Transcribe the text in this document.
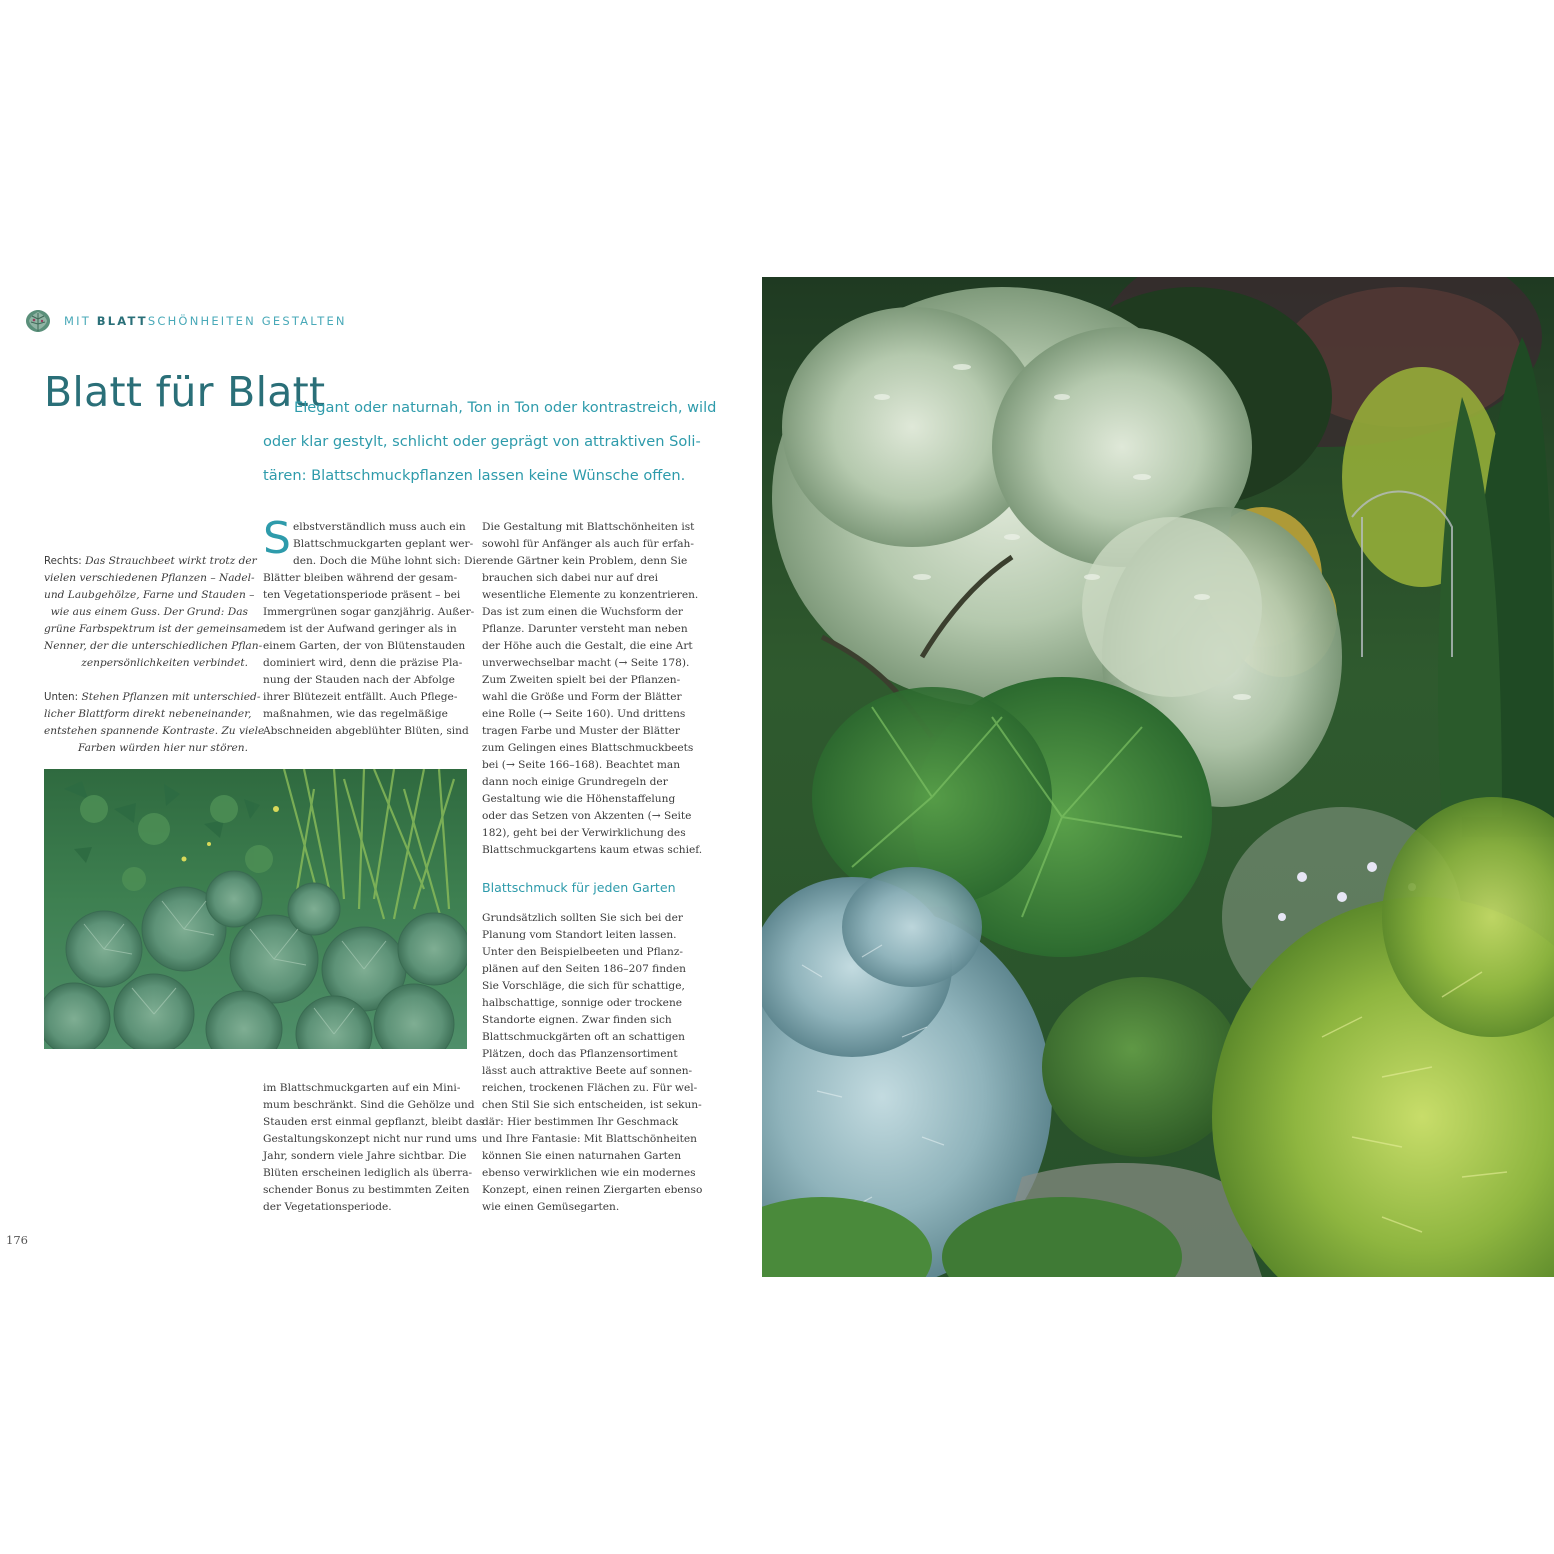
MIT BLATTSCHÖNHEITEN GESTALTEN
Blatt für Blatt
Elegant oder naturnah, Ton in Ton oder kontrastreich, wild
oder klar gestylt, schlicht oder geprägt von attraktiven Soli-
tären: Blattschmuckpflanzen lassen keine Wünsche offen.
Rechts: Das Strauchbeet wirkt trotz der
vielen verschiedenen Pflanzen – Nadel-
und Laubgehölze, Farne und Stauden –
wie aus einem Guss. Der Grund: Das
grüne Farbspektrum ist der gemeinsame
Nenner, der die unterschiedlichen Pflan-
zenpersönlichkeiten verbindet.
Unten: Stehen Pflanzen mit unterschied-
licher Blattform direkt nebeneinander,
entstehen spannende Kontraste. Zu viele
Farben würden hier nur stören.
S elbstverständlich muss auch ein
Blattschmuckgarten geplant wer-
den. Doch die Mühe lohnt sich: Die
Blätter bleiben während der gesam-
ten Vegetationsperiode präsent – bei
Immergrünen sogar ganzjährig. Außer-
dem ist der Aufwand geringer als in
einem Garten, der von Blütenstauden
dominiert wird, denn die präzise Pla-
nung der Stauden nach der Abfolge
ihrer Blütezeit entfällt. Auch Pflege-
maßnahmen, wie das regelmäßige
Abschneiden abgeblühter Blüten, sind
im Blattschmuckgarten auf ein Mini-
mum beschränkt. Sind die Gehölze und
Stauden erst einmal gepflanzt, bleibt das
Gestaltungskonzept nicht nur rund ums
Jahr, sondern viele Jahre sichtbar. Die
Blüten erscheinen lediglich als überra-
schender Bonus zu bestimmten Zeiten
der Vegetationsperiode.
Die Gestaltung mit Blattschönheiten ist
sowohl für Anfänger als auch für erfah-
rende Gärtner kein Problem, denn Sie
brauchen sich dabei nur auf drei
wesentliche Elemente zu konzentrieren.
Das ist zum einen die Wuchsform der
Pflanze. Darunter versteht man neben
der Höhe auch die Gestalt, die eine Art
unverwechselbar macht (→ Seite 178).
Zum Zweiten spielt bei der Pflanzen-
wahl die Größe und Form der Blätter
eine Rolle (→ Seite 160). Und drittens
tragen Farbe und Muster der Blätter
zum Gelingen eines Blattschmuckbeets
bei (→ Seite 166–168). Beachtet man
dann noch einige Grundregeln der
Gestaltung wie die Höhenstaffelung
oder das Setzen von Akzenten (→ Seite
182), geht bei der Verwirklichung des
Blattschmuckgartens kaum etwas schief.
Blattschmuck für jeden Garten
Grundsätzlich sollten Sie sich bei der
Planung vom Standort leiten lassen.
Unter den Beispielbeeten und Pflanz-
plänen auf den Seiten 186–207 finden
Sie Vorschläge, die sich für schattige,
halbschattige, sonnige oder trockene
Standorte eignen. Zwar finden sich
Blattschmuckgärten oft an schattigen
Plätzen, doch das Pflanzensortiment
lässt auch attraktive Beete auf sonnen-
reichen, trockenen Flächen zu. Für wel-
chen Stil Sie sich entscheiden, ist sekun-
där: Hier bestimmen Ihr Geschmack
und Ihre Fantasie: Mit Blattschönheiten
können Sie einen naturnahen Garten
ebenso verwirklichen wie ein modernes
Konzept, einen reinen Ziergarten ebenso
wie einen Gemüsegarten.
176
